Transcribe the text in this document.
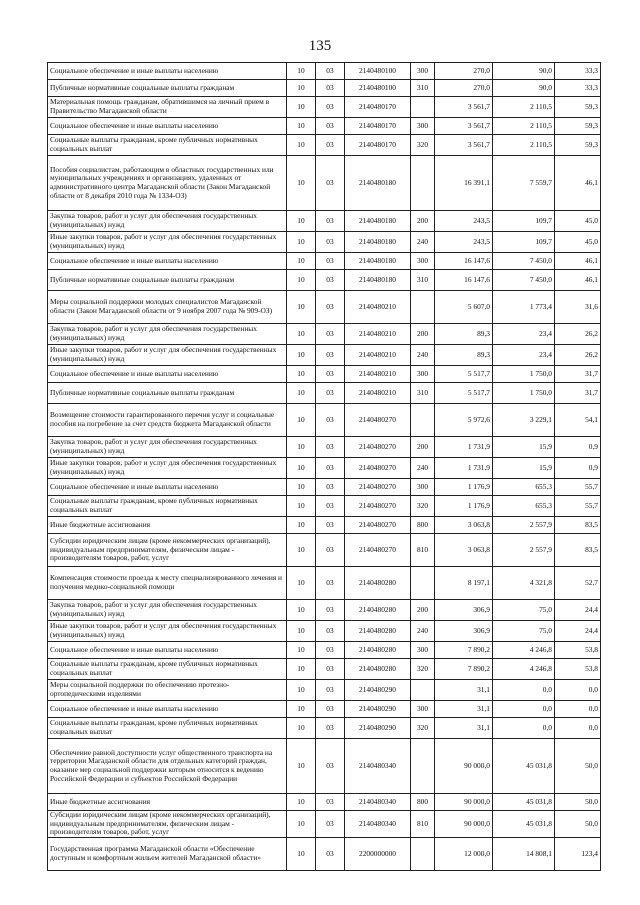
135
Социальное обеспечение и иные выплаты населению	10	03	2140480100	300	270,0	90,0	33,3
Публичные нормативные социальные выплаты гражданам	10	03	2140480100	310	270,0	90,0	33,3
Материальная помощь гражданам, обратившимся на личный прием в Правительство Магаданской области	10	03	2140480170		3 561,7	2 110,5	59,3
Социальное обеспечение и иные выплаты населению	10	03	2140480170	300	3 561,7	2 110,5	59,3
Социальные выплаты гражданам, кроме публичных нормативных социальных выплат	10	03	2140480170	320	3 561,7	2 110,5	59,3
Пособия социалистам, работающим в областных государственных или муниципальных учреждениях и организациях, удаленных от административного центра Магаданской области (Закон Магаданской области от 8 декабря 2010 года № 1334-ОЗ)	10	03	2140480180		16 391,1	7 559,7	46,1
Закупка товаров, работ и услуг для обеспечения государственных (муниципальных) нужд	10	03	2140480180	200	243,5	109,7	45,0
Иные закупки товаров, работ и услуг для обеспечения государственных (муниципальных) нужд	10	03	2140480180	240	243,5	109,7	45,0
Социальное обеспечение и иные выплаты населению	10	03	2140480180	300	16 147,6	7 450,0	46,1
Публичные нормативные социальные выплаты гражданам	10	03	2140480180	310	16 147,6	7 450,0	46,1
Меры социальной поддержки молодых специалистов Магаданской области (Закон Магаданской области от 9 ноября 2007 года № 909-ОЗ)	10	03	2140480210		5 607,0	1 773,4	31,6
Закупка товаров, работ и услуг для обеспечения государственных (муниципальных) нужд	10	03	2140480210	200	89,3	23,4	26,2
Иные закупки товаров, работ и услуг для обеспечения государственных (муниципальных) нужд	10	03	2140480210	240	89,3	23,4	26,2
Социальное обеспечение и иные выплаты населению	10	03	2140480210	300	5 517,7	1 750,0	31,7
Публичные нормативные социальные выплаты гражданам	10	03	2140480210	310	5 517,7	1 750,0	31,7
Возмещение стоимости гарантированного перечня услуг и социальные пособия на погребение за счет средств бюджета Магаданской области	10	03	2140480270		5 972,6	3 229,1	54,1
Закупка товаров, работ и услуг для обеспечения государственных (муниципальных) нужд	10	03	2140480270	200	1 731,9	15,9	0,9
Иные закупки товаров, работ и услуг для обеспечения государственных (муниципальных) нужд	10	03	2140480270	240	1 731,9	15,9	0,9
Социальное обеспечение и иные выплаты населению	10	03	2140480270	300	1 176,9	655,3	55,7
Социальные выплаты гражданам, кроме публичных нормативных социальных выплат	10	03	2140480270	320	1 176,9	655,3	55,7
Иные бюджетные ассигнования	10	03	2140480270	800	3 063,8	2 557,9	83,5
Субсидии юридическим лицам (кроме некоммерческих организаций), индивидуальным предпринимателям, физическим лицам - производителям товаров, работ, услуг	10	03	2140480270	810	3 063,8	2 557,9	83,5
Компенсация стоимости проезда к месту специализированного лечения и получения медико-социальной помощи	10	03	2140480280		8 197,1	4 321,8	52,7
Закупка товаров, работ и услуг для обеспечения государственных (муниципальных) нужд	10	03	2140480280	200	306,9	75,0	24,4
Иные закупки товаров, работ и услуг для обеспечения государственных (муниципальных) нужд	10	03	2140480280	240	306,9	75,0	24,4
Социальное обеспечение и иные выплаты населению	10	03	2140480280	300	7 890,2	4 246,8	53,8
Социальные выплаты гражданам, кроме публичных нормативных социальных выплат	10	03	2140480280	320	7 890,2	4 246,8	53,8
Меры социальной поддержки по обеспечению протезно-ортопедическими изделиями	10	03	2140480290		31,1	0,0	0,0
Социальное обеспечение и иные выплаты населению	10	03	2140480290	300	31,1	0,0	0,0
Социальные выплаты гражданам, кроме публичных нормативных социальных выплат	10	03	2140480290	320	31,1	0,0	0,0
Обеспечение равной доступности услуг общественного транспорта на территории Магаданской области для отдельных категорий граждан, оказание мер социальной поддержки которым относится к ведению Российской Федерации и субъектов Российской Федерации	10	03	2140480340		90 000,0	45 031,8	50,0
Иные бюджетные ассигнования	10	03	2140480340	800	90 000,0	45 031,8	50,0
Субсидии юридическим лицам (кроме некоммерческих организаций), индивидуальным предпринимателям, физическим лицам - производителям товаров, работ, услуг	10	03	2140480340	810	90 000,0	45 031,8	50,0
Государственная программа Магаданской области «Обеспечение доступным и комфортным жильем жителей Магаданской области»	10	03	2200000000		12 000,0	14 808,1	123,4
